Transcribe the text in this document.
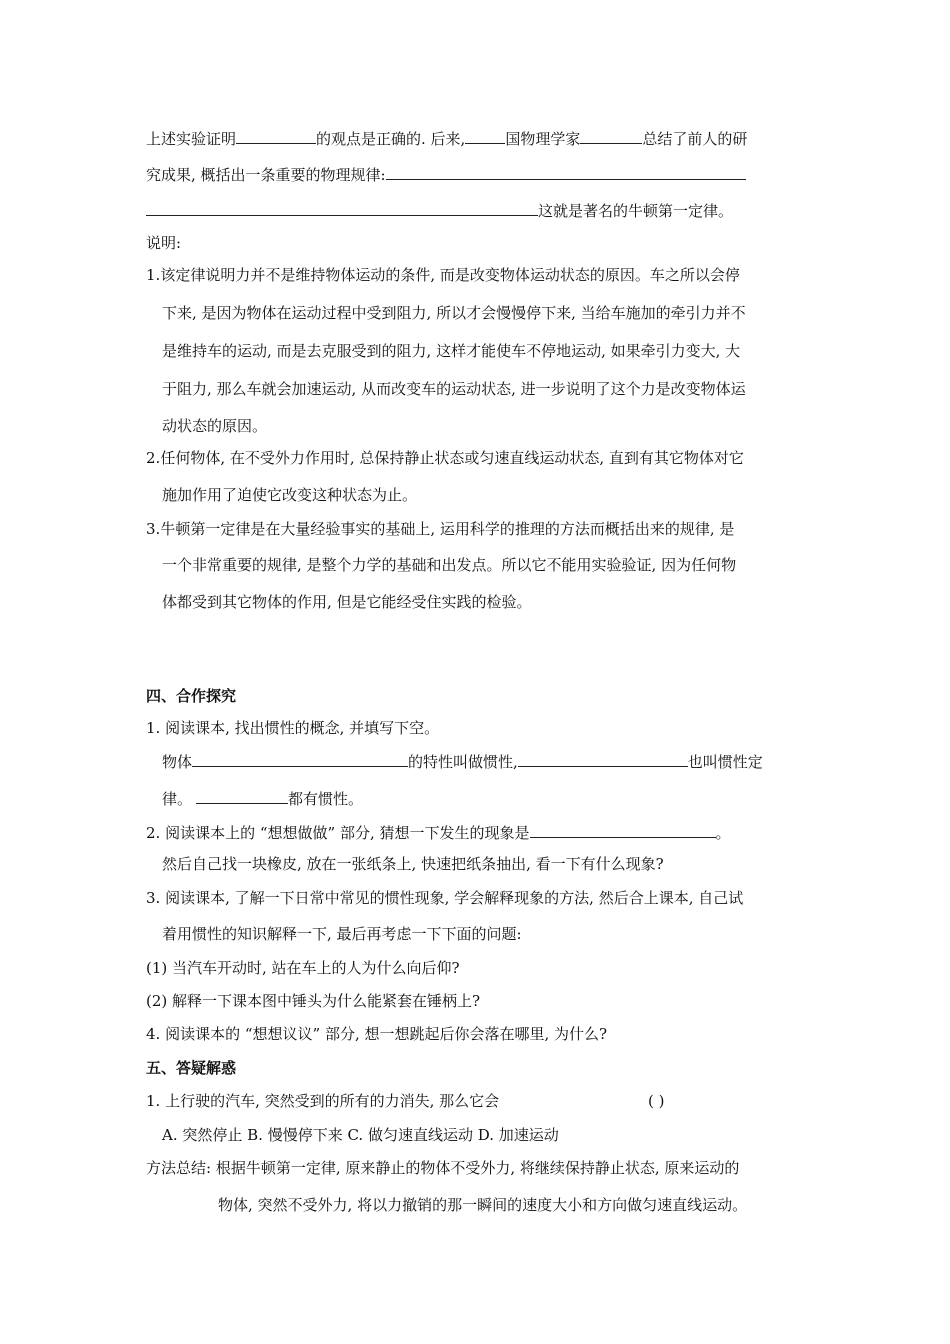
上述实验证明	的观点是正确的. 后来,	国物理学家	总结了前人的研
究成果, 概括出一条重要的物理规律:
这就是著名的牛顿第一定律。
说明:
1.该定律说明力并不是维持物体运动的条件, 而是改变物体运动状态的原因。车之所以会停
下来, 是因为物体在运动过程中受到阻力, 所以才会慢慢停下来, 当给车施加的牵引力并不
是维持车的运动, 而是去克服受到的阻力, 这样才能使车不停地运动, 如果牵引力变大, 大
于阻力, 那么车就会加速运动, 从而改变车的运动状态, 进一步说明了这个力是改变物体运
动状态的原因。
2.任何物体, 在不受外力作用时, 总保持静止状态或匀速直线运动状态, 直到有其它物体对它
施加作用了迫使它改变这种状态为止。
3.牛顿第一定律是在大量经验事实的基础上, 运用科学的推理的方法而概括出来的规律, 是
一个非常重要的规律, 是整个力学的基础和出发点。所以它不能用实验验证, 因为任何物
体都受到其它物体的作用, 但是它能经受住实践的检验。
四、合作探究
1. 阅读课本, 找出惯性的概念, 并填写下空。
物体	的特性叫做惯性,	也叫惯性定
律。	都有惯性。
2. 阅读课本上的 “想想做做” 部分, 猜想一下发生的现象是	。
然后自己找一块橡皮, 放在一张纸条上, 快速把纸条抽出, 看一下有什么现象?
3. 阅读课本, 了解一下日常中常见的惯性现象, 学会解释现象的方法, 然后合上课本, 自己试
着用惯性的知识解释一下, 最后再考虑一下下面的问题:
(1) 当汽车开动时, 站在车上的人为什么向后仰?
(2) 解释一下课本图中锤头为什么能紧套在锤柄上?
4. 阅读课本的 “想想议议” 部分, 想一想跳起后你会落在哪里, 为什么?
五、答疑解惑
1. 上行驶的汽车, 突然受到的所有的力消失, 那么它会	( )
A. 突然停止 B. 慢慢停下来 C. 做匀速直线运动 D. 加速运动
方法总结: 根据牛顿第一定律, 原来静止的物体不受外力, 将继续保持静止状态, 原来运动的
物体, 突然不受外力, 将以力撤销的那一瞬间的速度大小和方向做匀速直线运动。
